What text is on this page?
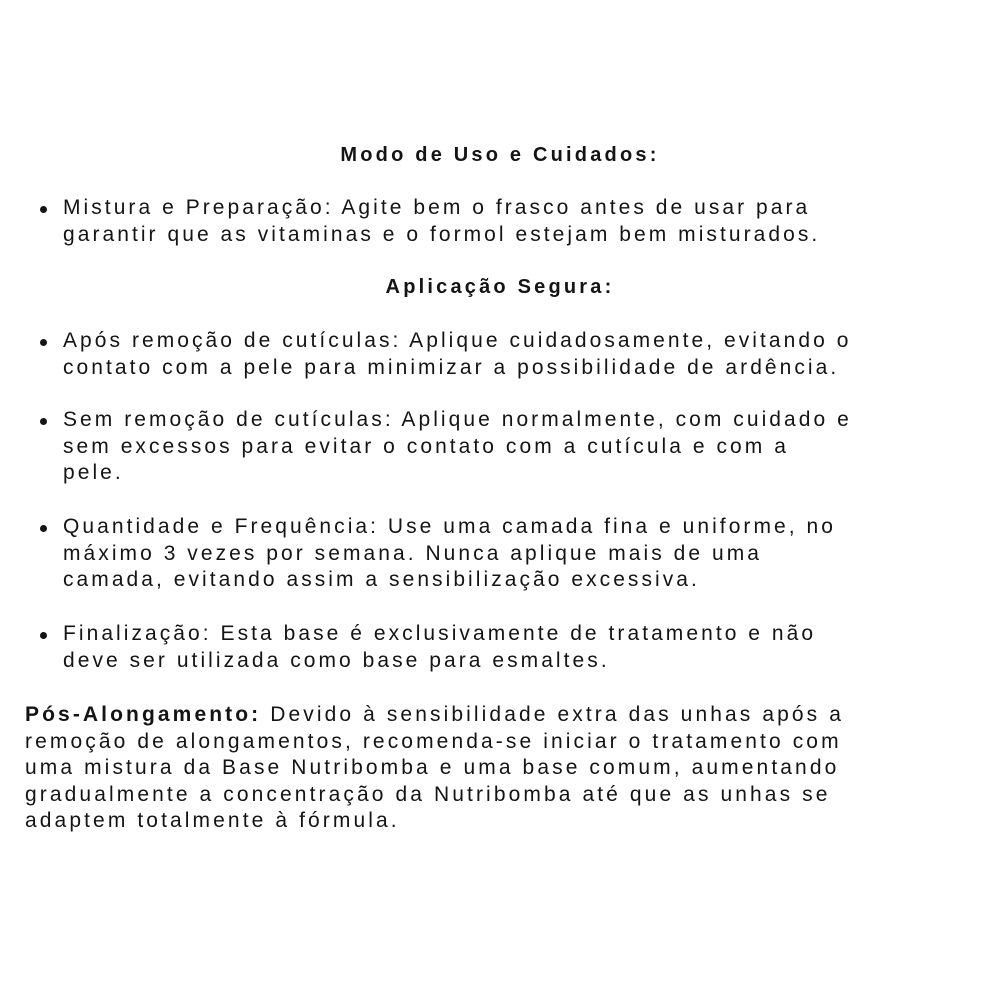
Modo de Uso e Cuidados:

Mistura e Preparação: Agite bem o frasco antes de usar para
garantir que as vitaminas e o formol estejam bem misturados.

Aplicação Segura:

Após remoção de cutículas: Aplique cuidadosamente, evitando o
contato com a pele para minimizar a possibilidade de ardência.

Sem remoção de cutículas: Aplique normalmente, com cuidado e
sem excessos para evitar o contato com a cutícula e com a
pele.

Quantidade e Frequência: Use uma camada fina e uniforme, no
máximo 3 vezes por semana. Nunca aplique mais de uma
camada, evitando assim a sensibilização excessiva.

Finalização: Esta base é exclusivamente de tratamento e não
deve ser utilizada como base para esmaltes.

Pós-Alongamento: Devido à sensibilidade extra das unhas após a
remoção de alongamentos, recomenda-se iniciar o tratamento com
uma mistura da Base Nutribomba e uma base comum, aumentando
gradualmente a concentração da Nutribomba até que as unhas se
adaptem totalmente à fórmula.
